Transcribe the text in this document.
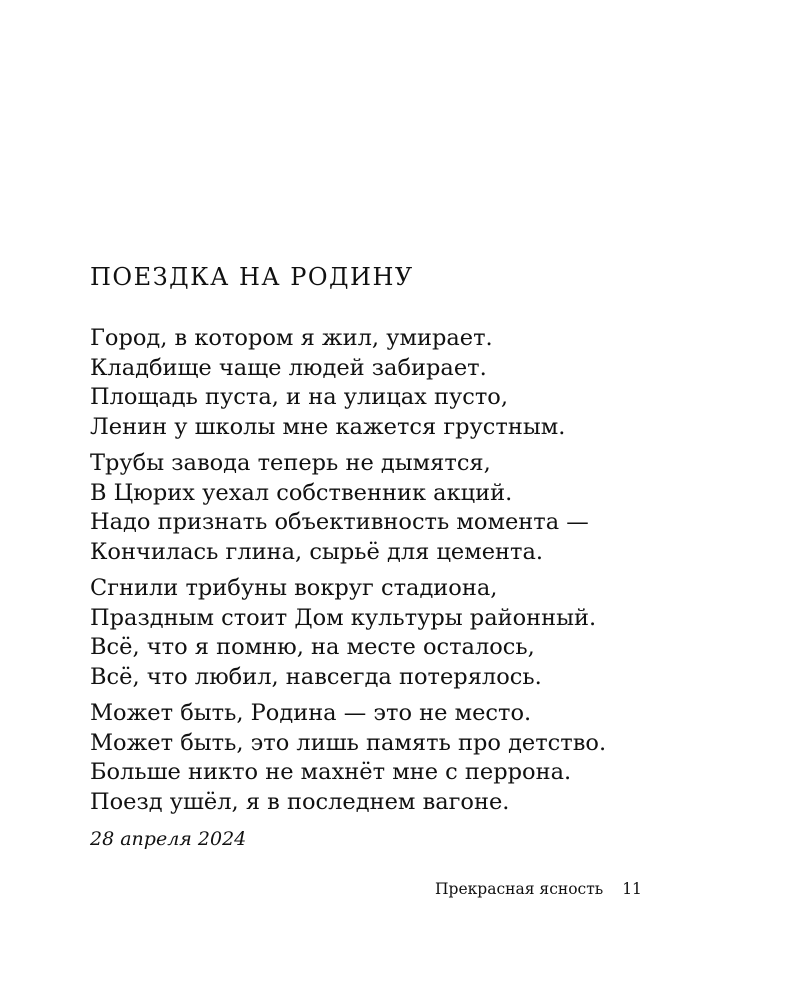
ПОЕЗДКА НА РОДИНУ
Город, в котором я жил, умирает.
Кладбище чаще людей забирает.
Площадь пуста, и на улицах пусто,
Ленин у школы мне кажется грустным.
Трубы завода теперь не дымятся,
В Цюрих уехал собственник акций.
Надо признать объективность момента —
Кончилась глина, сырьё для цемента.
Сгнили трибуны вокруг стадиона,
Праздным стоит Дом культуры районный.
Всё, что я помню, на месте осталось,
Всё, что любил, навсегда потерялось.
Может быть, Родина — это не место.
Может быть, это лишь память про детство.
Больше никто не махнёт мне с перрона.
Поезд ушёл, я в последнем вагоне.
28 апреля 2024
Прекрасная ясность 11
